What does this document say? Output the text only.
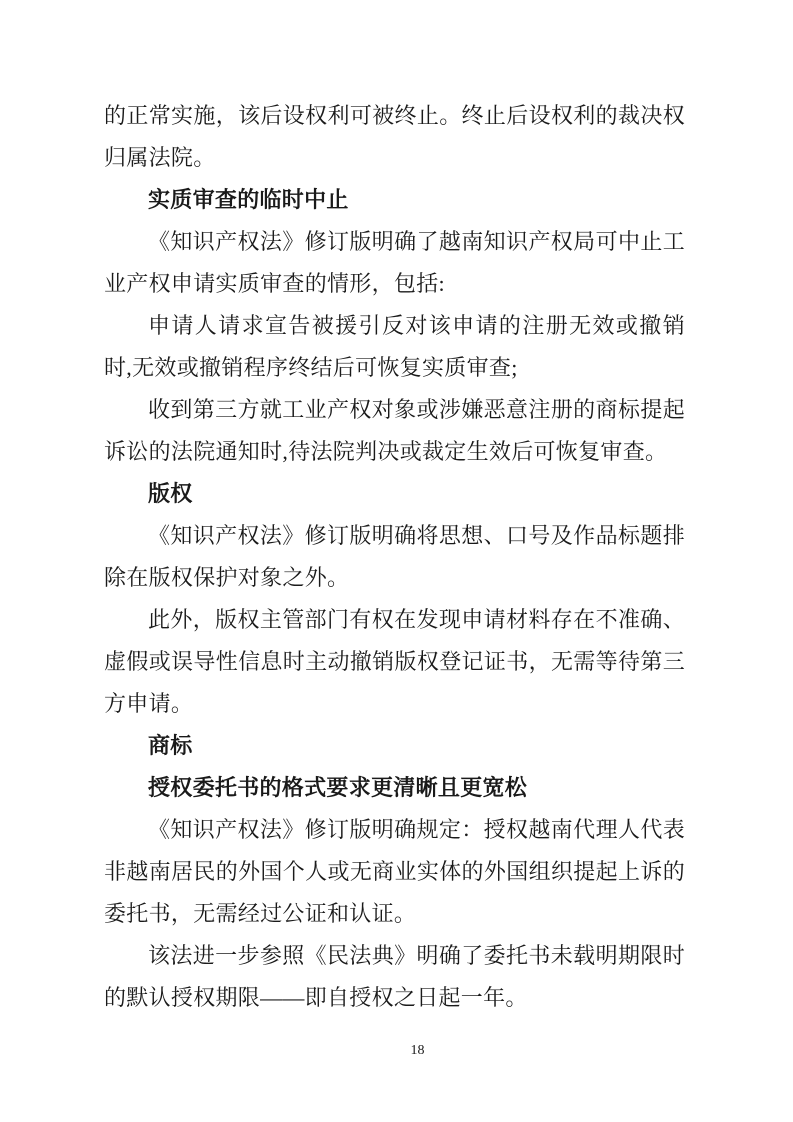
的正常实施，该后设权利可被终止。终止后设权利的裁决权归属法院。

实质审查的临时中止

《知识产权法》修订版明确了越南知识产权局可中止工业产权申请实质审查的情形，包括:

申请人请求宣告被援引反对该申请的注册无效或撤销时,无效或撤销程序终结后可恢复实质审查;

收到第三方就工业产权对象或涉嫌恶意注册的商标提起诉讼的法院通知时,待法院判决或裁定生效后可恢复审查。

版权

《知识产权法》修订版明确将思想、口号及作品标题排除在版权保护对象之外。

此外，版权主管部门有权在发现申请材料存在不准确、虚假或误导性信息时主动撤销版权登记证书，无需等待第三方申请。

商标

授权委托书的格式要求更清晰且更宽松

《知识产权法》修订版明确规定：授权越南代理人代表非越南居民的外国个人或无商业实体的外国组织提起上诉的委托书，无需经过公证和认证。

该法进一步参照《民法典》明确了委托书未载明期限时的默认授权期限——即自授权之日起一年。

18
